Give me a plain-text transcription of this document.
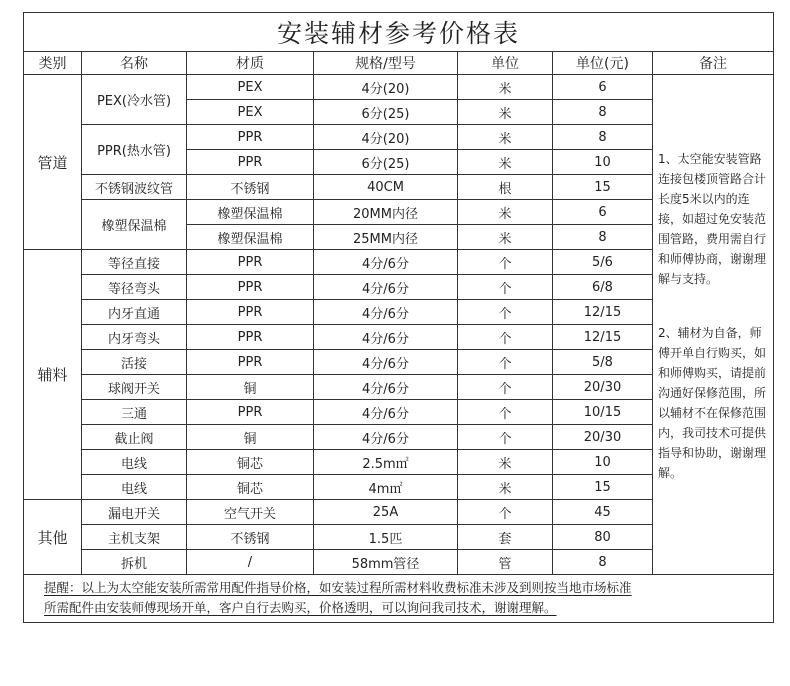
安装辅材参考价格表						
类别	名称	材质	规格/型号	单位	单位(元)	备注
管道	PEX(冷水管)	PEX	4分(20)	米	6	1、太空能安装管路连接包楼顶管路合计长度5米以内的连接，如超过免安装范围管路，费用需自行和师傅协商，谢谢理解与支持。

2、辅材为自备，师傅开单自行购买，如和师傅购买，请提前沟通好保修范围，所以辅材不在保修范围内，我司技术可提供指导和协助，谢谢理解。

		PEX	6分(25)	米	8	
	PPR(热水管)	PPR	4分(20)	米	8	
		PPR	6分(25)	米	10	
	不锈钢波纹管	不锈钢	40CM	根	15	
	橡塑保温棉	橡塑保温棉	20MM内径	米	6	
		橡塑保温棉	25MM内径	米	8	
辅料	等径直接	PPR	4分/6分	个	5/6	
	等径弯头	PPR	4分/6分	个	6/8	
	内牙直通	PPR	4分/6分	个	12/15	
	内牙弯头	PPR	4分/6分	个	12/15	
	活接	PPR	4分/6分	个	5/8	
	球阀开关	铜	4分/6分	个	20/30	
	三通	PPR	4分/6分	个	10/15	
	截止阀	铜	4分/6分	个	20/30	
	电线	铜芯	2.5m㎡	米	10	
	电线	铜芯	4m㎡	米	15	
其他	漏电开关	空气开关	25A	个	45	
	主机支架	不锈钢	1.5匹	套	80	
	拆机	/	58mm管径	管	8	

提醒：以上为太空能安装所需常用配件指导价格，如安装过程所需材料收费标准未涉及到则按当地市场标准
所需配件由安装师傅现场开单，客户自行去购买，价格透明，可以询问我司技术，谢谢理解。						
